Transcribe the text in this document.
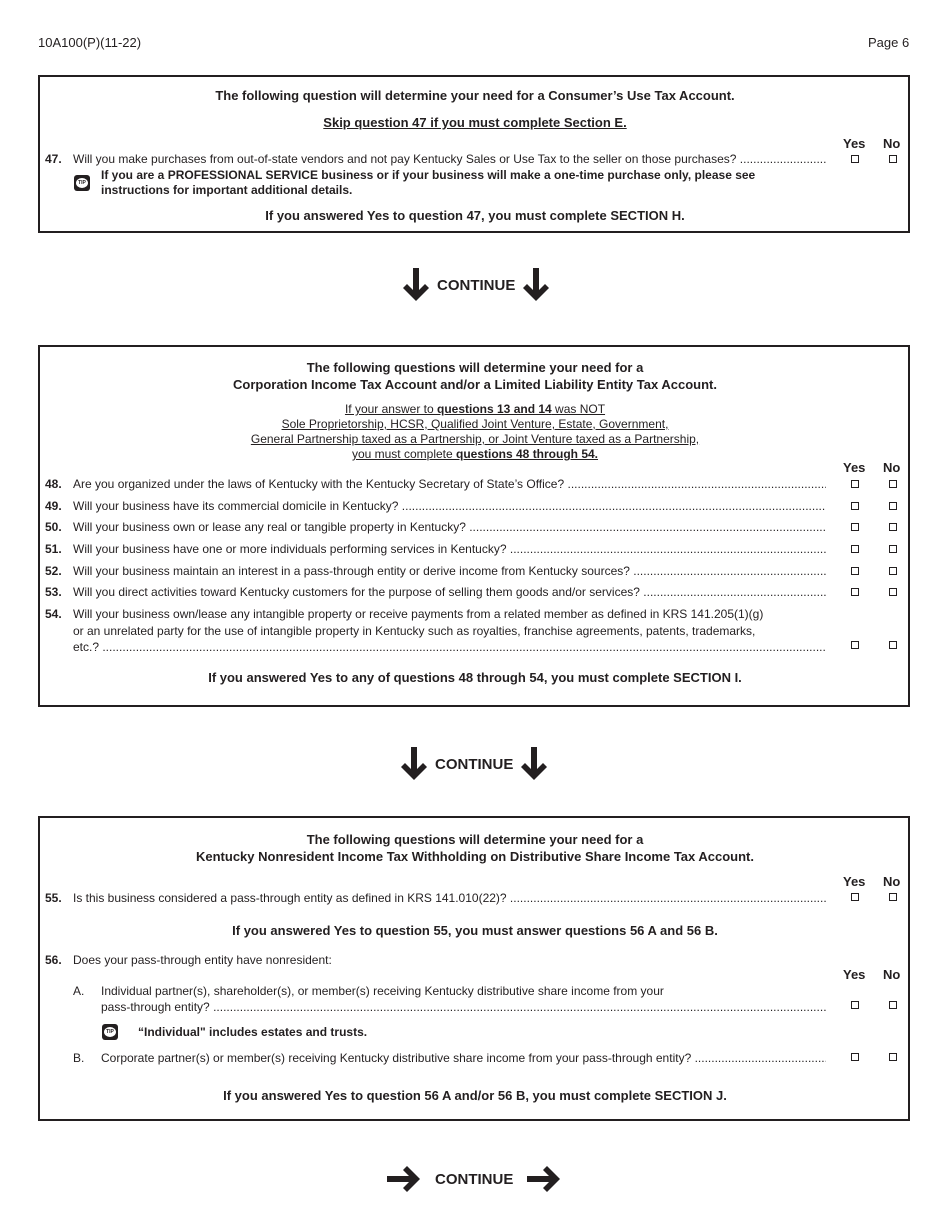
10A100(P)(11-22)	Page 6
The following question will determine your need for a Consumer’s Use Tax Account.
Skip question 47 if you must complete Section E.
Yes No
47. Will you make purchases from out-of-state vendors and not pay Kentucky Sales or Use Tax to the seller on those purchases? .....
TIP
If you are a PROFESSIONAL SERVICE business or if your business will make a one-time purchase only, please see
instructions for important additional details.
If you answered Yes to question 47, you must complete SECTION H.
CONTINUE
The following questions will determine your need for a
Corporation Income Tax Account and/or a Limited Liability Entity Tax Account.
If your answer to questions 13 and 14 was NOT
Sole Proprietorship, HCSR, Qualified Joint Venture, Estate, Government,
General Partnership taxed as a Partnership, or Joint Venture taxed as a Partnership,
you must complete questions 48 through 54.
Yes No
48. Are you organized under the laws of Kentucky with the Kentucky Secretary of State’s Office? .....
49. Will your business have its commercial domicile in Kentucky? .....
50. Will your business own or lease any real or tangible property in Kentucky? .....
51. Will your business have one or more individuals performing services in Kentucky? .....
52. Will your business maintain an interest in a pass-through entity or derive income from Kentucky sources? .....
53. Will you direct activities toward Kentucky customers for the purpose of selling them goods and/or services? .....
54. Will your business own/lease any intangible property or receive payments from a related member as defined in KRS 141.205(1)(g)
or an unrelated party for the use of intangible property in Kentucky such as royalties, franchise agreements, patents, trademarks,
etc.? .....
If you answered Yes to any of questions 48 through 54, you must complete SECTION I.
CONTINUE
The following questions will determine your need for a
Kentucky Nonresident Income Tax Withholding on Distributive Share Income Tax Account.
Yes No
55. Is this business considered a pass-through entity as defined in KRS 141.010(22)? .....
If you answered Yes to question 55, you must answer questions 56 A and 56 B.
56. Does your pass-through entity have nonresident:
Yes No
A. Individual partner(s), shareholder(s), or member(s) receiving Kentucky distributive share income from your
pass-through entity? .....
TIP “Individual" includes estates and trusts.
B. Corporate partner(s) or member(s) receiving Kentucky distributive share income from your pass-through entity? .....
If you answered Yes to question 56 A and/or 56 B, you must complete SECTION J.
CONTINUE
